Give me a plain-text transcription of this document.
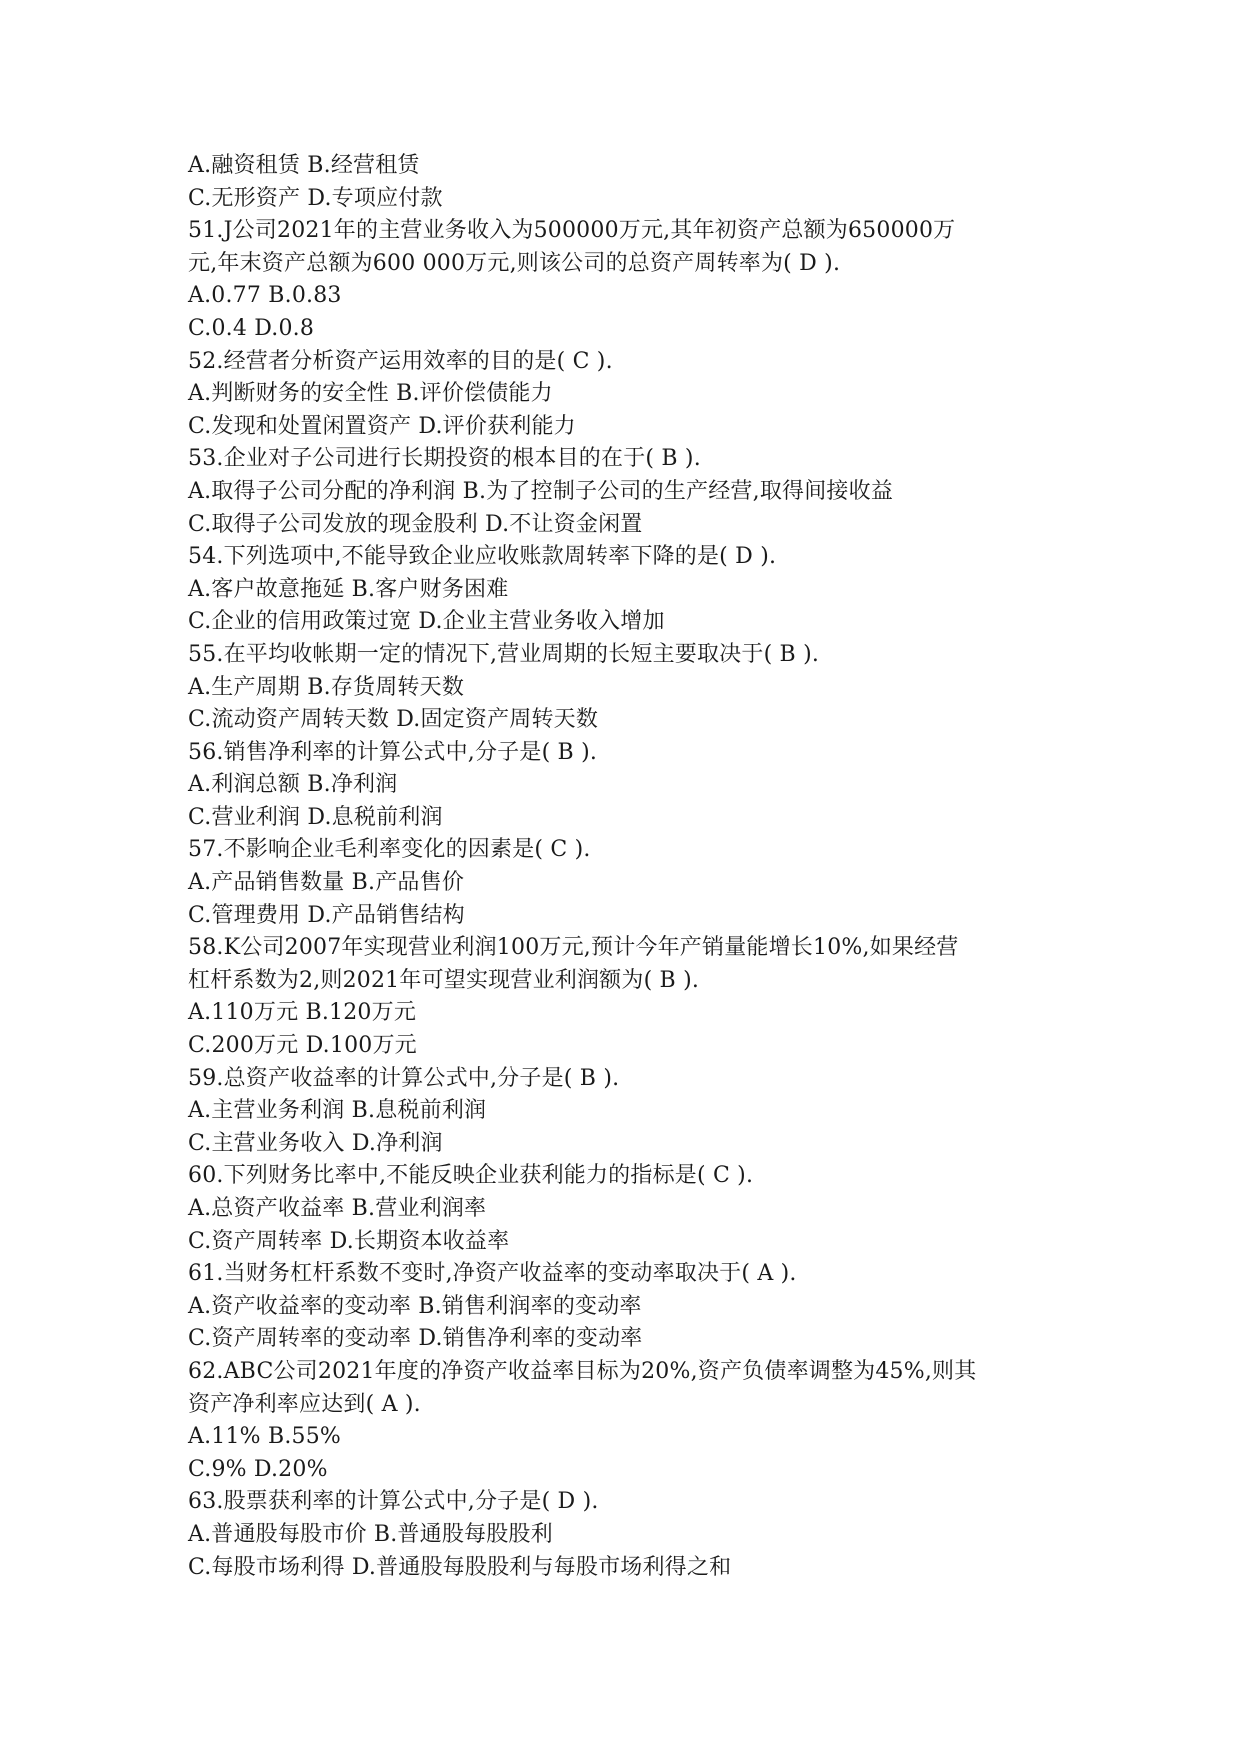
A.融资租赁 B.经营租赁
C.无形资产 D.专项应付款
51.J公司2021年的主营业务收入为500000万元,其年初资产总额为650000万
元,年末资产总额为600 000万元,则该公司的总资产周转率为( D ).
A.0.77 B.0.83
C.0.4 D.0.8
52.经营者分析资产运用效率的目的是( C ).
A.判断财务的安全性 B.评价偿债能力
C.发现和处置闲置资产 D.评价获利能力
53.企业对子公司进行长期投资的根本目的在于( B ).
A.取得子公司分配的净利润 B.为了控制子公司的生产经营,取得间接收益
C.取得子公司发放的现金股利 D.不让资金闲置
54.下列选项中,不能导致企业应收账款周转率下降的是( D ).
A.客户故意拖延 B.客户财务困难
C.企业的信用政策过宽 D.企业主营业务收入增加
55.在平均收帐期一定的情况下,营业周期的长短主要取决于( B ).
A.生产周期 B.存货周转天数
C.流动资产周转天数 D.固定资产周转天数
56.销售净利率的计算公式中,分子是( B ).
A.利润总额 B.净利润
C.营业利润 D.息税前利润
57.不影响企业毛利率变化的因素是( C ).
A.产品销售数量 B.产品售价
C.管理费用 D.产品销售结构
58.K公司2007年实现营业利润100万元,预计今年产销量能增长10%,如果经营
杠杆系数为2,则2021年可望实现营业利润额为( B ).
A.110万元 B.120万元
C.200万元 D.100万元
59.总资产收益率的计算公式中,分子是( B ).
A.主营业务利润 B.息税前利润
C.主营业务收入 D.净利润
60.下列财务比率中,不能反映企业获利能力的指标是( C ).
A.总资产收益率 B.营业利润率
C.资产周转率 D.长期资本收益率
61.当财务杠杆系数不变时,净资产收益率的变动率取决于( A ).
A.资产收益率的变动率 B.销售利润率的变动率
C.资产周转率的变动率 D.销售净利率的变动率
62.ABC公司2021年度的净资产收益率目标为20%,资产负债率调整为45%,则其
资产净利率应达到( A ).
A.11% B.55%
C.9% D.20%
63.股票获利率的计算公式中,分子是( D ).
A.普通股每股市价 B.普通股每股股利
C.每股市场利得 D.普通股每股股利与每股市场利得之和
